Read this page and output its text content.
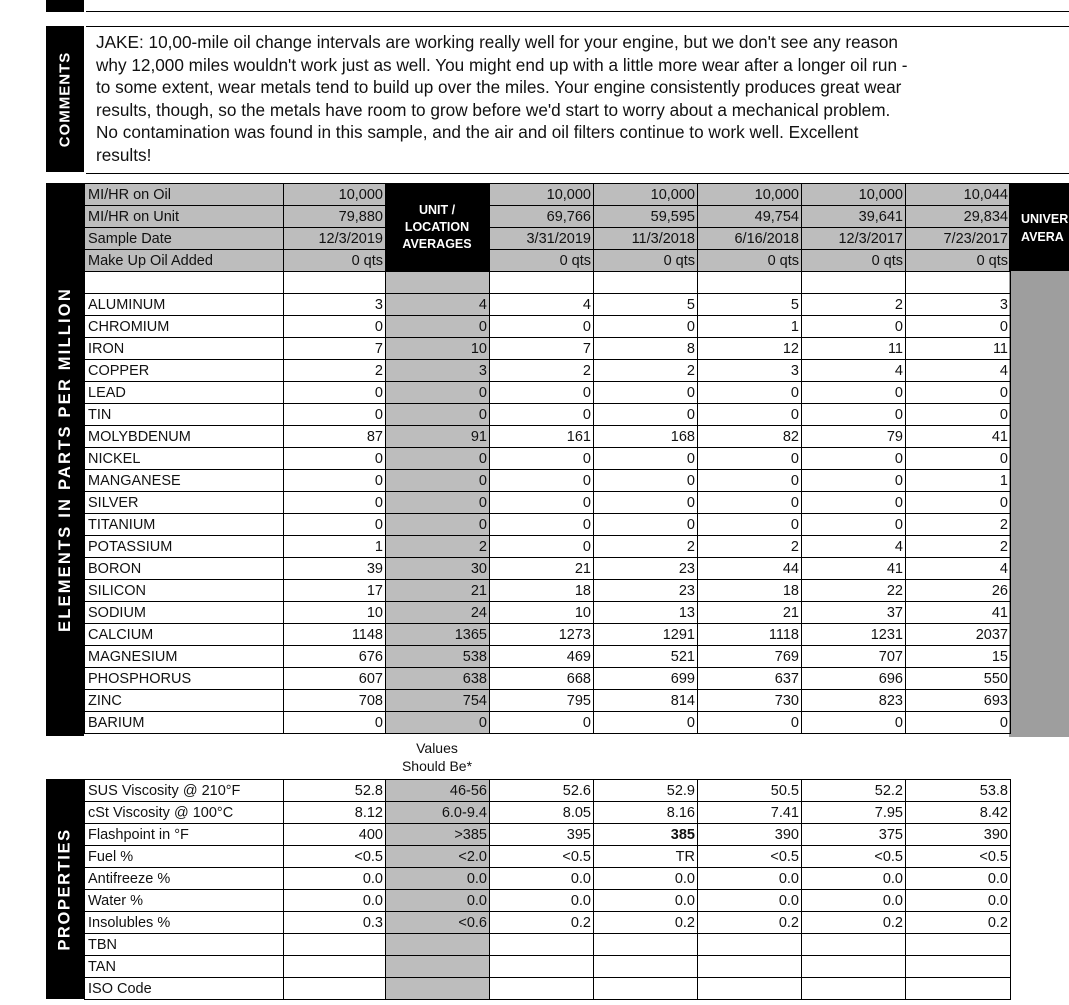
COMMENTS
JAKE: 10,00-mile oil change intervals are working really well for your engine, but we don't see any reason
why 12,000 miles wouldn't work just as well. You might end up with a little more wear after a longer oil run -
to some extent, wear metals tend to build up over the miles. Your engine consistently produces great wear
results, though, so the metals have room to grow before we'd start to worry about a mechanical problem.
No contamination was found in this sample, and the air and oil filters continue to work well. Excellent
results!
ELEMENTS IN PARTS PER MILLION
MI/HR on Oil	10,000		10,000	10,000	10,000	10,000	10,044
MI/HR on Unit	79,880		69,766	59,595	49,754	39,641	29,834
Sample Date	12/3/2019		3/31/2019	11/3/2018	6/16/2018	12/3/2017	7/23/2017
Make Up Oil Added	0 qts		0 qts	0 qts	0 qts	0 qts	0 qts

ALUMINUM	3	4	4	5	5	2	3
CHROMIUM	0	0	0	0	1	0	0
IRON	7	10	7	8	12	11	11
COPPER	2	3	2	2	3	4	4
LEAD	0	0	0	0	0	0	0
TIN	0	0	0	0	0	0	0
MOLYBDENUM	87	91	161	168	82	79	41
NICKEL	0	0	0	0	0	0	0
MANGANESE	0	0	0	0	0	0	1
SILVER	0	0	0	0	0	0	0
TITANIUM	0	0	0	0	0	0	2
POTASSIUM	1	2	0	2	2	4	2
BORON	39	30	21	23	44	41	4
SILICON	17	21	18	23	18	22	26
SODIUM	10	24	10	13	21	37	41
CALCIUM	1148	1365	1273	1291	1118	1231	2037
MAGNESIUM	676	538	469	521	769	707	15
PHOSPHORUS	607	638	668	699	637	696	550
ZINC	708	754	795	814	730	823	693
BARIUM	0	0	0	0	0	0	0
UNIT /
LOCATION
AVERAGES
UNIVER
AVERA
Values
Should Be*
PROPERTIES
SUS Viscosity @ 210°F	52.8	46-56	52.6	52.9	50.5	52.2	53.8
cSt Viscosity @ 100°C	8.12	6.0-9.4	8.05	8.16	7.41	7.95	8.42
Flashpoint in °F	400	>385	395	385	390	375	390
Fuel %	<0.5	<2.0	<0.5	TR	<0.5	<0.5	<0.5
Antifreeze %	0.0	0.0	0.0	0.0	0.0	0.0	0.0
Water %	0.0	0.0	0.0	0.0	0.0	0.0	0.0
Insolubles %	0.3	<0.6	0.2	0.2	0.2	0.2	0.2
TBN							
TAN							
ISO Code							
